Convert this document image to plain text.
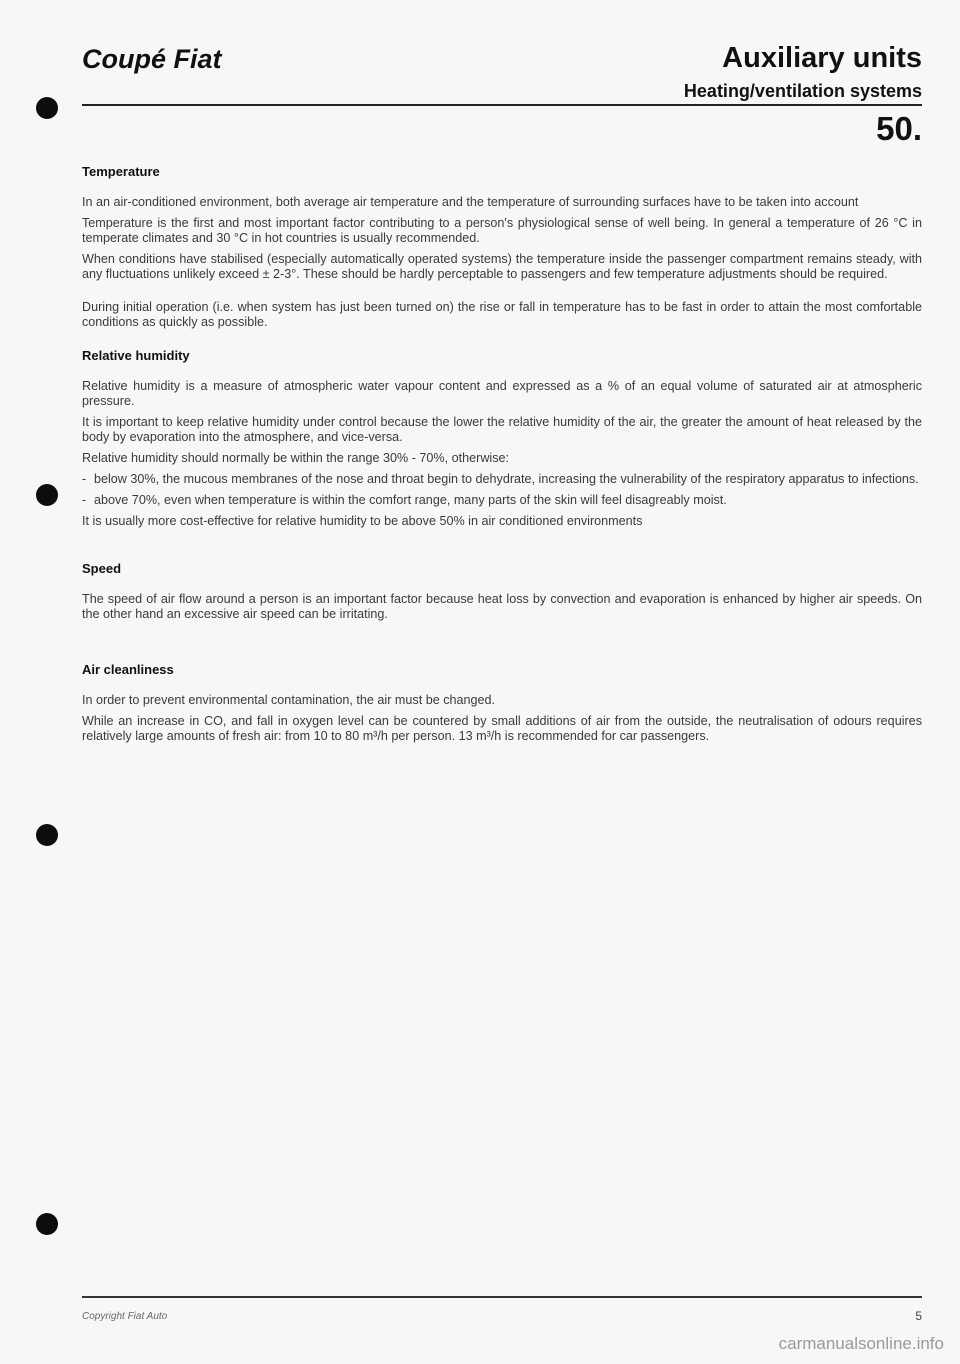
Coupé Fiat	Auxiliary units
Heating/ventilation systems
50.
Temperature

In an air-conditioned environment, both average air temperature and the temperature of surrounding surfaces have to be taken into account

Temperature is the first and most important factor contributing to a person's physiological sense of well being. In general a temperature of 26 °C in temperate climates and 30 °C in hot countries is usually recommended.

When conditions have stabilised (especially automatically operated systems) the temperature inside the passenger compartment remains steady, with any fluctuations unlikely exceed ± 2-3°. These should be hardly perceptable to passengers and few temperature adjustments should be required.

During initial operation (i.e. when system has just been turned on) the rise or fall in temperature has to be fast in order to attain the most comfortable conditions as quickly as possible.

Relative humidity

Relative humidity is a measure of atmospheric water vapour content and expressed as a % of an equal volume of saturated air at atmospheric pressure.

It is important to keep relative humidity under control because the lower the relative humidity of the air, the greater the amount of heat released by the body by evaporation into the atmosphere, and vice-versa.

Relative humidity should normally be within the range 30% - 70%, otherwise:

- below 30%, the mucous membranes of the nose and throat begin to dehydrate, increasing the vulnerability of the respiratory apparatus to infections.
- above 70%, even when temperature is within the comfort range, many parts of the skin will feel disagreably moist.

It is usually more cost-effective for relative humidity to be above 50% in air conditioned environments

Speed

The speed of air flow around a person is an important factor because heat loss by convection and evaporation is enhanced by higher air speeds. On the other hand an excessive air speed can be irritating.

Air cleanliness

In order to prevent environmental contamination, the air must be changed.

While an increase in CO, and fall in oxygen level can be countered by small additions of air from the outside, the neutralisation of odours requires relatively large amounts of fresh air: from 10 to 80 m³/h per person. 13 m³/h is recommended for car passengers.

Copyright Fiat Auto	5
carmanualsonline.info
